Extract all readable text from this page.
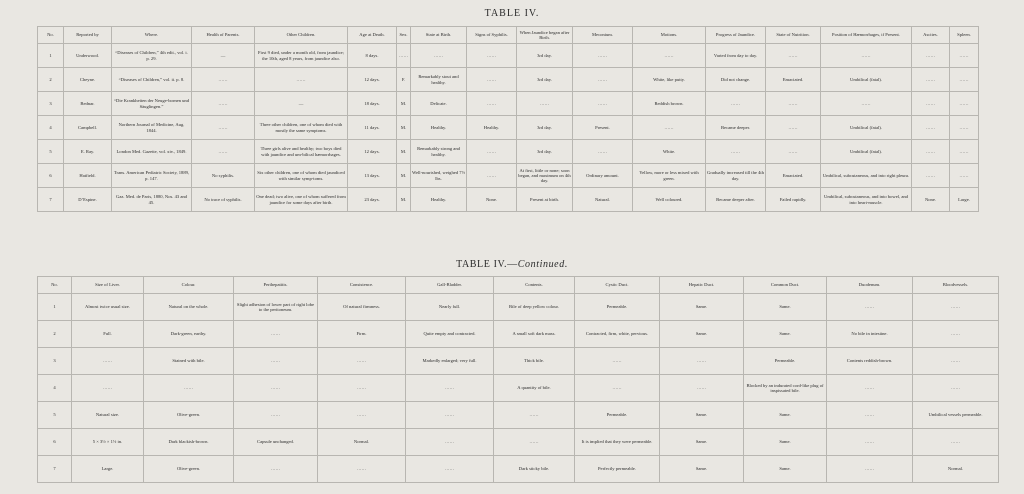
TABLE IV.
No.	Reported by	Where.	Health of Parents.	Other Children.	Age at Death.	Sex.	State at Birth.	Signs of Syphilis.	When Jaundice began after Birth.	Meconium.	Motions.	Progress of Jaundice.	State of Nutrition.	Position of Hæmorrhages, if Present.	Ascites.	Spleen.
1	Underwood.	“Diseases of Children,” 4th edit., vol. i. p. 29.	—	First 9 died, under a month old, from jaundice; the 10th, aged 8 years, from jaundice also.	8 days.	……	……	……	3rd day.	……	……	Varied from day to day.	……	……	……	……
2	Cheyne.	“Diseases of Children,” vol. ii. p. 8.	……	……	12 days.	F.	Remarkably stout and healthy.	……	3rd day.	……	White, like putty.	Did not change.	Emaciated.	Umbilical (fatal).	……	……
3	Bednar.	“Die Krankheiten der Neuge-bornen und Säuglingen.”	……	—	18 days.	M.	Delicate.	……	……	……	Reddish brown.	……	……	……	……	……
4	Campbell.	Northern Journal of Medicine, Aug. 1844.	……	Three other children, one of whom died with mostly the same symptoms.	11 days.	M.	Healthy.	Healthy.	3rd day.	Present.	……	Became deeper.	……	Umbilical (fatal).	……	……
5	E. Ray.	London Med. Gazette, vol. xiv., 1849.	……	Three girls alive and healthy; two boys died with jaundice and um-bilical hæmorrhages.	12 days.	M.	Remarkably strong and healthy.	……	3rd day.	……	White.	……	……	Umbilical (fatal).	……	……
6	Hatfield.	Trans. American Pediatric Society, 1889, p. 147.	No syphilis.	Six other children, one of whom died jaundiced with similar symp-toms.	13 days.	M.	Well-nourished, weighed 7½ lbs.	……	At first, little or none; soon began, and maximum on 4th day.	Ordinary amount.	Yellow, more or less mixed with green.	Gradually increased till the 4th day.	Emaciated.	Umbilical, subcutaneous, and into right pleura.	……	……
7	D’Espine.	Gaz. Med. de Paris, 1880, Nos. 43 and 45.	No trace of syphilis.	One dead; two alive, one of whom suffered from jaundice for some days after birth.	23 days.	M.	Healthy.	None.	Present at birth.	Natural.	Well coloured.	Became deeper after.	Failed rapidly.	Umbilical, subcutaneous, and into bowel, and into heart-muscle.	None.	Large.
TABLE IV.—Continued.
No.	Size of Liver.	Colour.	Perihepatitis.	Consistence.	Gall-Bladder.	Contents.	Cystic Duct.	Hepatic Duct.	Common Duct.	Duodenum.	Bloodvessels.
1	Almost twice usual size.	Natural on the whole.	Slight adhesion of lower part of right lobe to the peritoneum.	Of natural firmness.	Nearly full.	Bile of deep yellow colour.	Permeable.	Same.	Same.	……	……
2	Full.	Dark-green, earthy.	……	Firm.	Quite empty and contracted.	A small soft dark mass.	Contracted, firm, white, pervious.	Same.	Same.	No bile in intestine.	……
3	……	Stained with bile.	……	……	Markedly enlarged; very full.	Thick bile.	……	……	Permeable.	Contents reddish-brown.	……
4	……	……	……	……	……	A quantity of bile.	……	……	Blocked by an indurated cord-like plug of inspissated bile.	……	……
5	Natural size.	Olive-green.	……	……	……	……	Permeable.	Same.	Same.	……	Umbilical vessels permeable.
6	5 × 3½ × 1½ in.	Dark blackish-brown.	Capsule unchanged.	Normal.	……	……	It is implied that they were permeable.	Same.	Same.	……	……
7	Large.	Olive-green.	……	……	……	Dark sticky bile.	Perfectly permeable.	Same.	Same.	……	Normal.
